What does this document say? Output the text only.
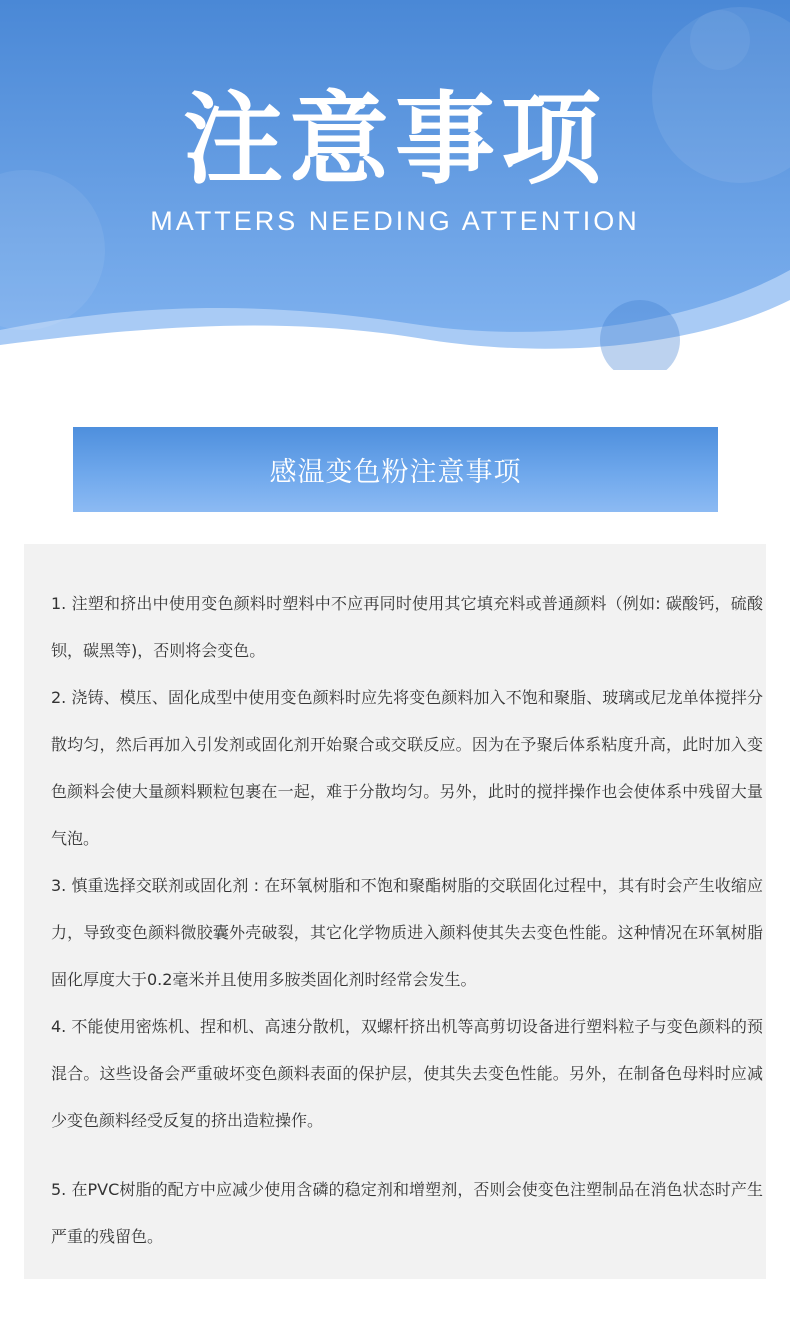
注意事项

MATTERS NEEDING ATTENTION

感温变色粉注意事项
1. 注塑和挤出中使用变色颜料时塑料中不应再同时使用其它填充料或普通颜料（例如: 碳酸钙，硫酸钡，碳黑等)，否则将会变色。
2. 浇铸、模压、固化成型中使用变色颜料时应先将变色颜料加入不饱和聚脂、玻璃或尼龙单体搅拌分散均匀，然后再加入引发剂或固化剂开始聚合或交联反应。因为在予聚后体系粘度升高，此时加入变色颜料会使大量颜料颗粒包裹在一起，难于分散均匀。另外，此时的搅拌操作也会使体系中残留大量气泡。
3. 慎重选择交联剂或固化剂 : 在环氧树脂和不饱和聚酯树脂的交联固化过程中，其有时会产生收缩应力，导致变色颜料微胶囊外壳破裂，其它化学物质进入颜料使其失去变色性能。这种情况在环氧树脂固化厚度大于0.2毫米并且使用多胺类固化剂时经常会发生。
4. 不能使用密炼机、捏和机、高速分散机，双螺杆挤出机等高剪切设备进行塑料粒子与变色颜料的预混合。这些设备会严重破坏变色颜料表面的保护层，使其失去变色性能。另外，在制备色母料时应减少变色颜料经受反复的挤出造粒操作。
5. 在PVC树脂的配方中应减少使用含磷的稳定剂和增塑剂，否则会使变色注塑制品在消色状态时产生严重的残留色。
